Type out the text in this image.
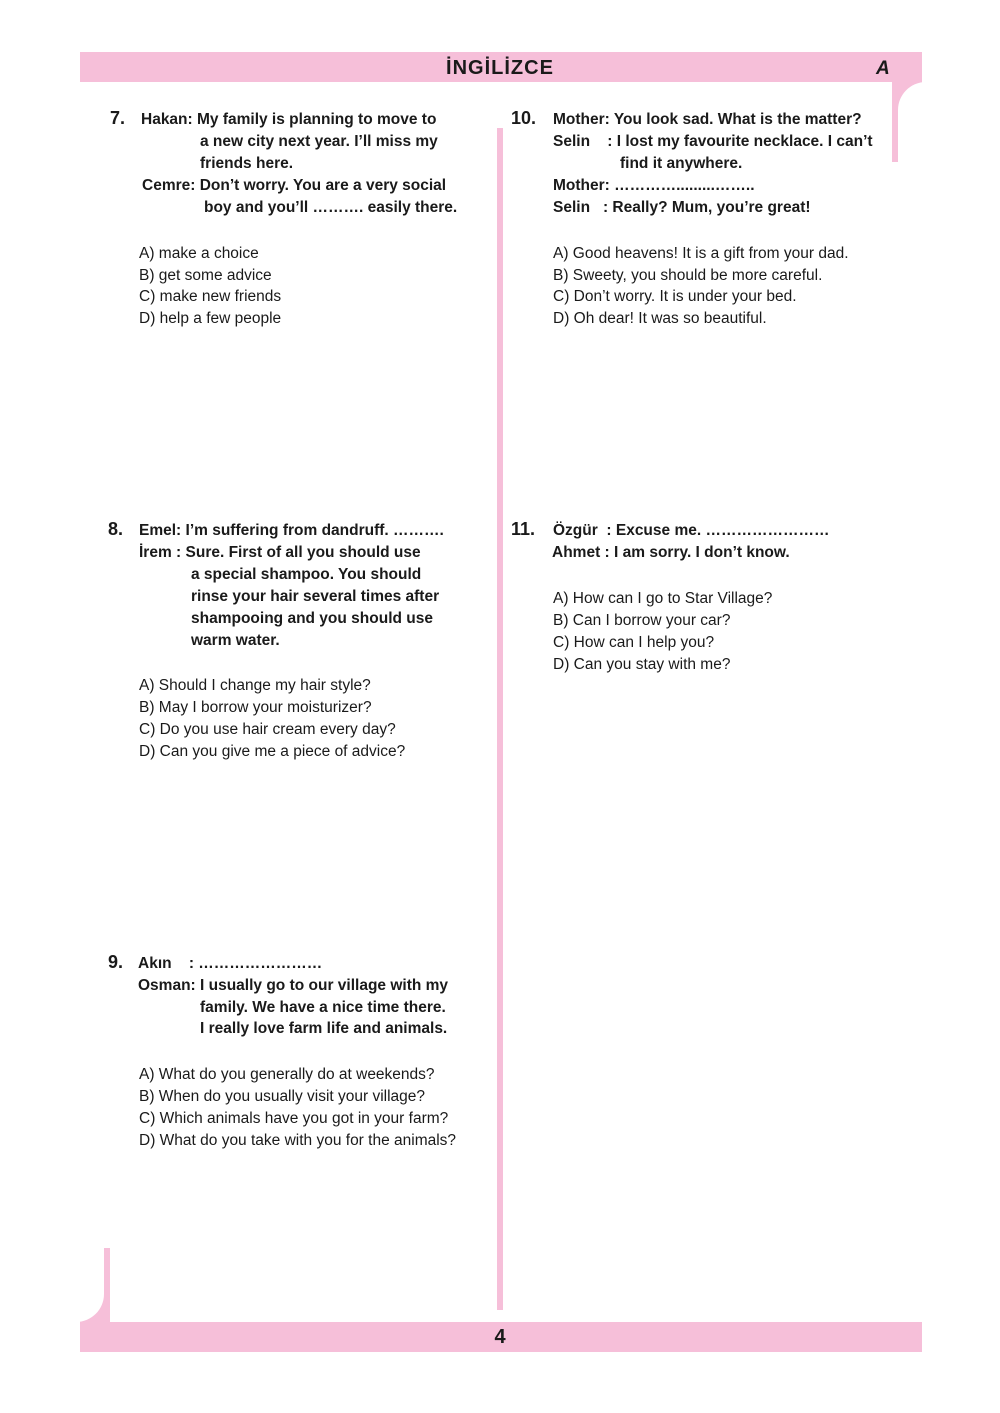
İNGİLİZCE	A
7. Hakan: My family is planning to move to
a new city next year. I’ll miss my
friends here.
Cemre: Don’t worry. You are a very social
boy and you’ll ………. easily there.
A) make a choice
B) get some advice
C) make new friends
D) help a few people
8. Emel: I’m suffering from dandruff. ……….
İrem : Sure. First of all you should use
a special shampoo. You should
rinse your hair several times after
shampooing and you should use
warm water.
A) Should I change my hair style?
B) May I borrow your moisturizer?
C) Do you use hair cream every day?
D) Can you give me a piece of advice?
9. Akın    : ……………………
Osman: I usually go to our village with my
family. We have a nice time there.
I really love farm life and animals.
A) What do you generally do at weekends?
B) When do you usually visit your village?
C) Which animals have you got in your farm?
D) What do you take with you for the animals?
10. Mother: You look sad. What is the matter?
Selin    : I lost my favourite necklace. I can’t
find it anywhere.
Mother: ………….........……..
Selin   : Really? Mum, you’re great!
A) Good heavens! It is a gift from your dad.
B) Sweety, you should be more careful.
C) Don’t worry. It is under your bed.
D) Oh dear! It was so beautiful.
11. Özgür  : Excuse me. ……………………
Ahmet : I am sorry. I don’t know.
A) How can I go to Star Village?
B) Can I borrow your car?
C) How can I help you?
D) Can you stay with me?
4
